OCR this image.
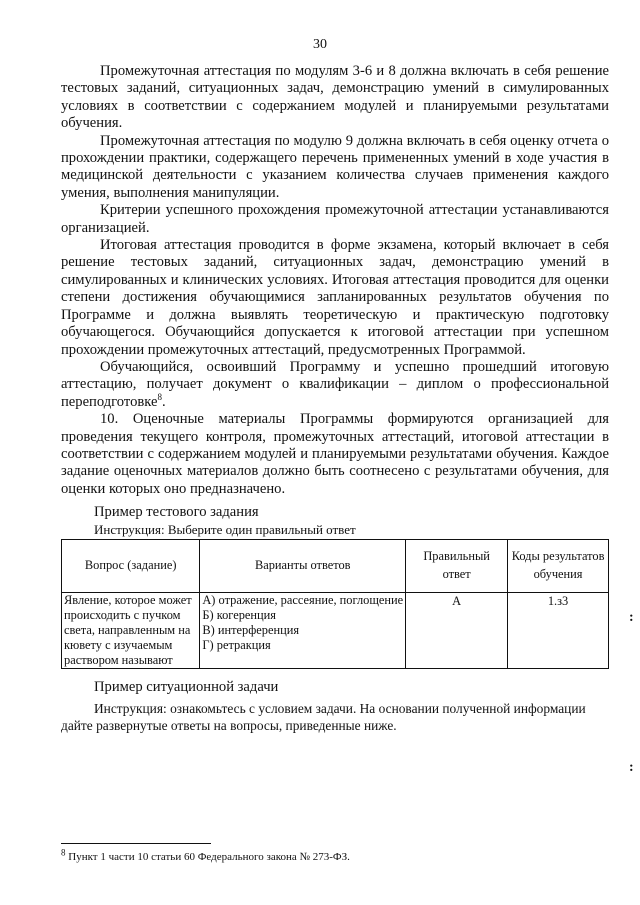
30

Промежуточная аттестация по модулям 3-6 и 8 должна включать в себя решение тестовых заданий, ситуационных задач, демонстрацию умений в симулированных условиях в соответствии с содержанием модулей и планируемыми результатами обучения.

Промежуточная аттестация по модулю 9 должна включать в себя оценку отчета о прохождении практики, содержащего перечень примененных умений в ходе участия в медицинской деятельности с указанием количества случаев применения каждого умения, выполнения манипуляции.

Критерии успешного прохождения промежуточной аттестации устанавливаются организацией.

Итоговая аттестация проводится в форме экзамена, который включает в себя решение тестовых заданий, ситуационных задач, демонстрацию умений в симулированных и клинических условиях. Итоговая аттестация проводится для оценки степени достижения обучающимися запланированных результатов обучения по Программе и должна выявлять теоретическую и практическую подготовку обучающегося. Обучающийся допускается к итоговой аттестации при успешном прохождении промежуточных аттестаций, предусмотренных Программой.

Обучающийся, освоивший Программу и успешно прошедший итоговую аттестацию, получает документ о квалификации – диплом о профессиональной переподготовке$^8$.

10. Оценочные материалы Программы формируются организацией для проведения текущего контроля, промежуточных аттестаций, итоговой аттестации в соответствии с содержанием модулей и планируемыми результатами обучения. Каждое задание оценочных материалов должно быть соотнесено с результатами обучения, для оценки которых оно предназначено.

Пример тестового задания
Инструкция: Выберите один правильный ответ
Вопрос (задание)	Варианты ответов	Правильный ответ	Коды результатов обучения
Явление, которое может происходить с пучком света, направленным на кювету с изучаемым раствором называют	А) отражение, рассеяние, поглощение
Б) когеренция
В) интерференция
Г) ретракция	А	1.з3
Пример ситуационной задачи
Инструкция: ознакомьтесь с условием задачи. На основании полученной информации дайте развернутые ответы на вопросы, приведенные ниже.
$^8$ Пункт 1 части 10 статьи 60 Федерального закона № 273-ФЗ.
:
:
